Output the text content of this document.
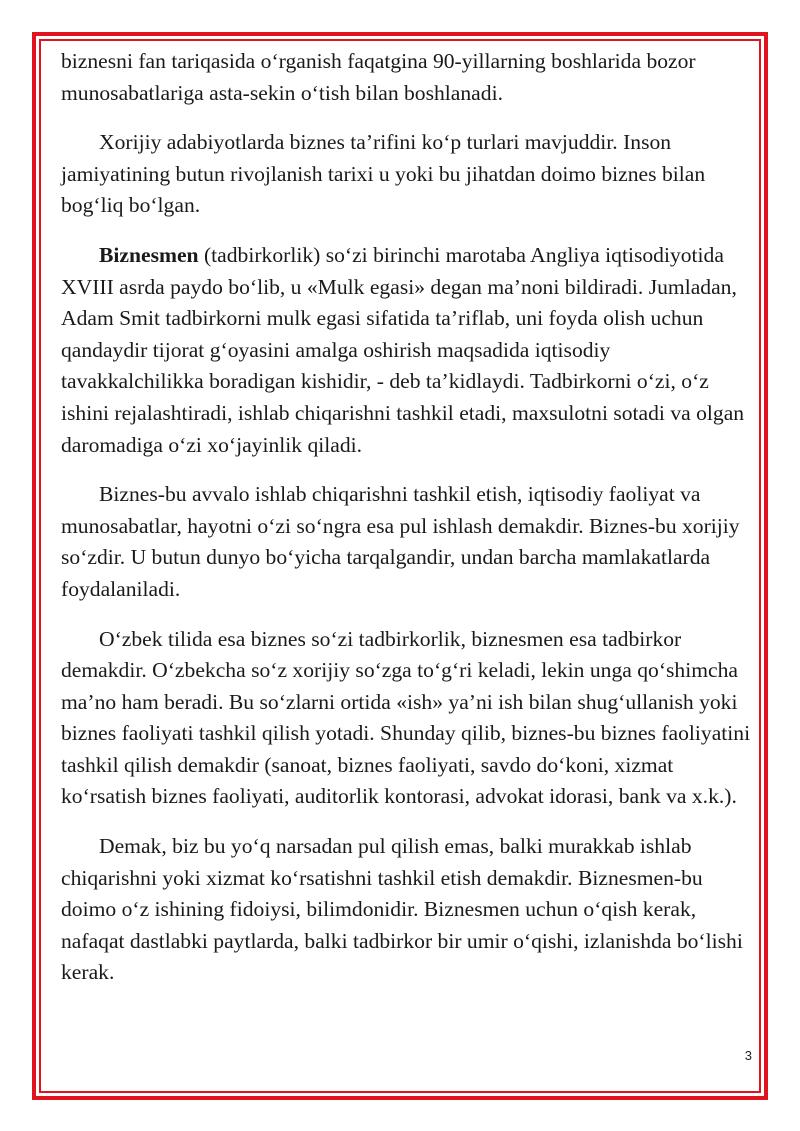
biznesni fan tariqasida o‘rganish faqatgina 90-yillarning boshlarida bozor munosabatlariga asta-sekin o‘tish bilan boshlanadi.

Xorijiy adabiyotlarda biznes ta’rifini ko‘p turlari mavjuddir. Inson jamiyatining butun rivojlanish tarixi u yoki bu jihatdan doimo biznes bilan bog‘liq bo‘lgan.

Biznesmen (tadbirkorlik) so‘zi birinchi marotaba Angliya iqtisodiyotida XVIII asrda paydo bo‘lib, u «Mulk egasi» degan ma’noni bildiradi. Jumladan, Adam Smit tadbirkorni mulk egasi sifatida ta’riflab, uni foyda olish uchun qandaydir tijorat g‘oyasini amalga oshirish maqsadida iqtisodiy tavakkalchilikka boradigan kishidir, - deb ta’kidlaydi. Tadbirkorni o‘zi, o‘z ishini rejalashtiradi, ishlab chiqarishni tashkil etadi, maxsulotni sotadi va olgan daromadiga o‘zi xo‘jayinlik qiladi.

Biznes-bu avvalo ishlab chiqarishni tashkil etish, iqtisodiy faoliyat va munosabatlar, hayotni o‘zi so‘ngra esa pul ishlash demakdir. Biznes-bu xorijiy so‘zdir. U butun dunyo bo‘yicha tarqalgandir, undan barcha mamlakatlarda foydalaniladi.

O‘zbek tilida esa biznes so‘zi tadbirkorlik, biznesmen esa tadbirkor demakdir. O‘zbekcha so‘z xorijiy so‘zga to‘g‘ri keladi, lekin unga qo‘shimcha ma’no ham beradi. Bu so‘zlarni ortida «ish» ya’ni ish bilan shug‘ullanish yoki biznes faoliyati tashkil qilish yotadi. Shunday qilib, biznes-bu biznes faoliyatini tashkil qilish demakdir (sanoat, biznes faoliyati, savdo do‘koni, xizmat ko‘rsatish biznes faoliyati, auditorlik kontorasi, advokat idorasi, bank va x.k.).

Demak, biz bu yo‘q narsadan pul qilish emas, balki murakkab ishlab chiqarishni yoki xizmat ko‘rsatishni tashkil etish demakdir. Biznesmen-bu doimo o‘z ishining fidoiysi, bilimdonidir. Biznesmen uchun o‘qish kerak, nafaqat dastlabki paytlarda, balki tadbirkor bir umir o‘qishi, izlanishda bo‘lishi kerak.

3
